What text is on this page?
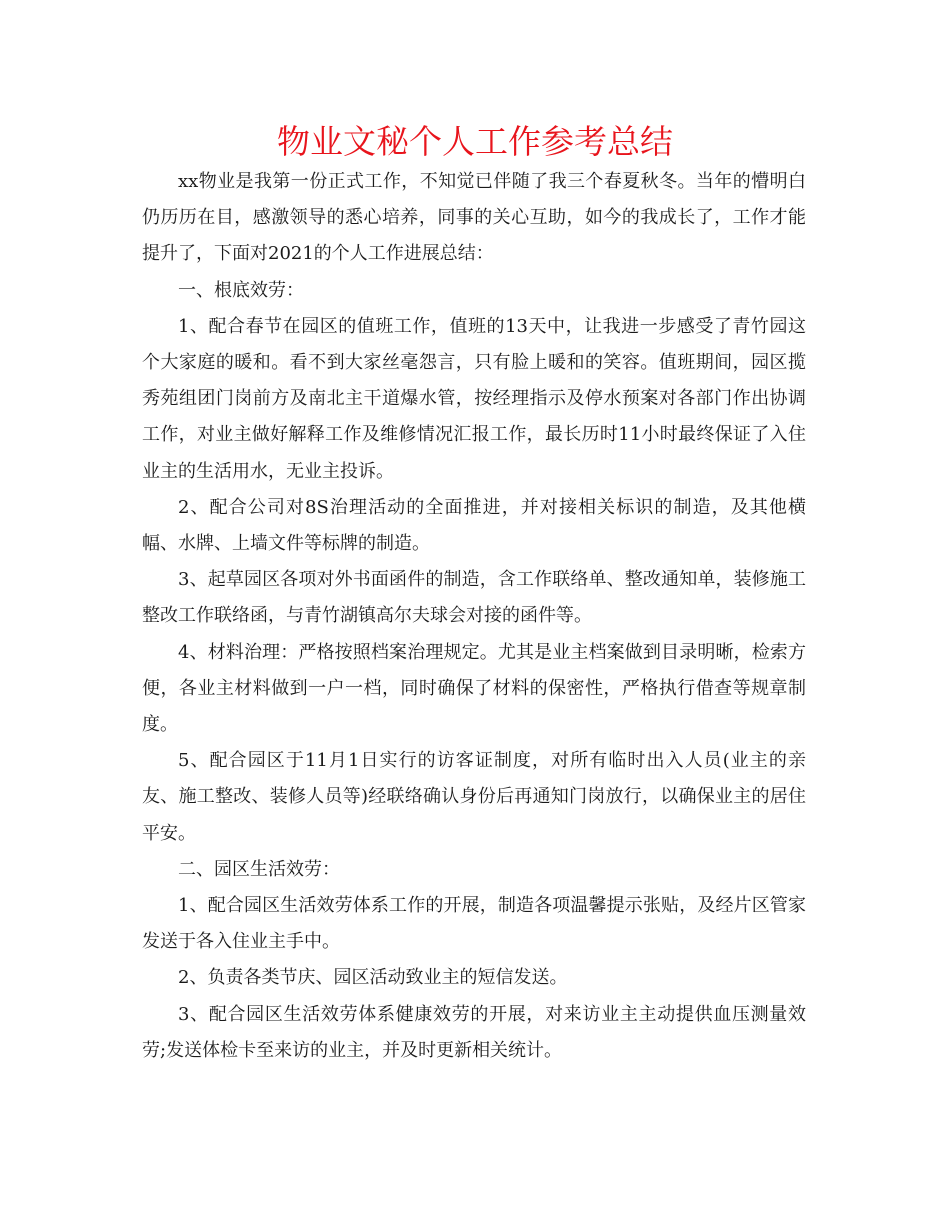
物业文秘个人工作参考总结

xx物业是我第一份正式工作，不知觉已伴随了我三个春夏秋冬。当年的懵明白仍历历在目，感激领导的悉心培养，同事的关心互助，如今的我成长了，工作才能提升了，下面对2021的个人工作进展总结：

一、根底效劳：

1、配合春节在园区的值班工作，值班的13天中，让我进一步感受了青竹园这个大家庭的暖和。看不到大家丝毫怨言，只有脸上暖和的笑容。值班期间，园区揽秀苑组团门岗前方及南北主干道爆水管，按经理指示及停水预案对各部门作出协调工作，对业主做好解释工作及维修情况汇报工作，最长历时11小时最终保证了入住业主的生活用水，无业主投诉。

2、配合公司对8S治理活动的全面推进，并对接相关标识的制造，及其他横幅、水牌、上墙文件等标牌的制造。

3、起草园区各项对外书面函件的制造，含工作联络单、整改通知单，装修施工整改工作联络函，与青竹湖镇高尔夫球会对接的函件等。

4、材料治理：严格按照档案治理规定。尤其是业主档案做到目录明晰，检索方便，各业主材料做到一户一档，同时确保了材料的保密性，严格执行借查等规章制度。

5、配合园区于11月1日实行的访客证制度，对所有临时出入人员(业主的亲友、施工整改、装修人员等)经联络确认身份后再通知门岗放行，以确保业主的居住平安。

二、园区生活效劳：

1、配合园区生活效劳体系工作的开展，制造各项温馨提示张贴，及经片区管家发送于各入住业主手中。

2、负责各类节庆、园区活动致业主的短信发送。

3、配合园区生活效劳体系健康效劳的开展，对来访业主主动提供血压测量效劳;发送体检卡至来访的业主，并及时更新相关统计。
